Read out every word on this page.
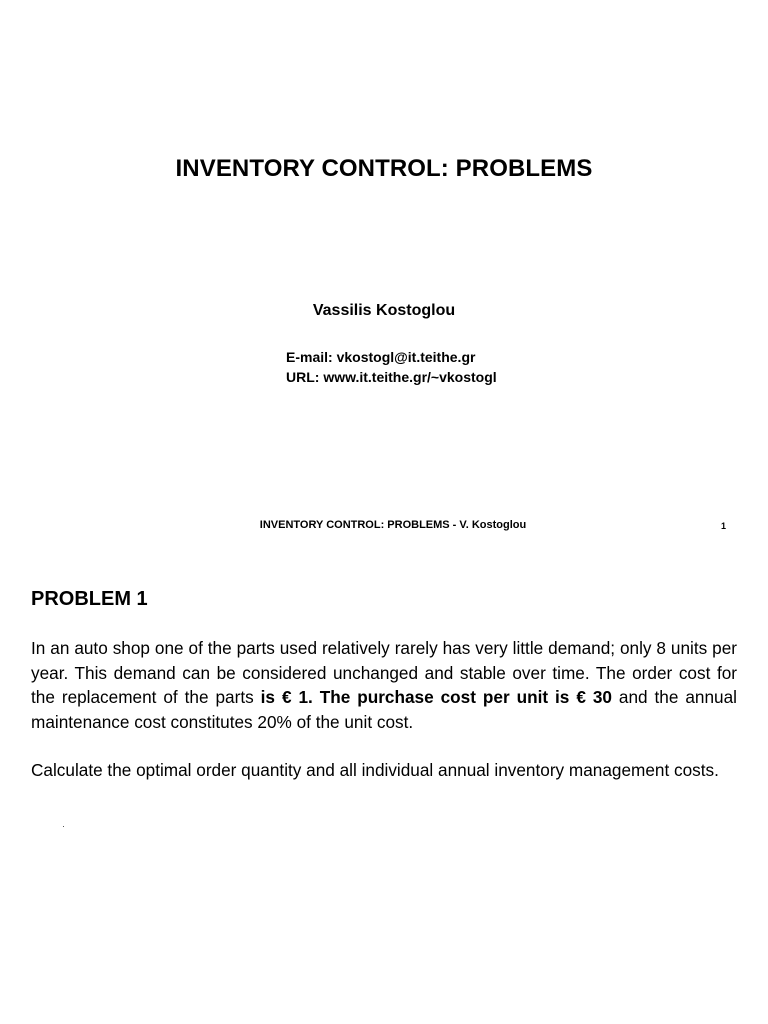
INVENTORY CONTROL: PROBLEMS
Vassilis Kostoglou
E-mail: vkostogl@it.teithe.gr
URL: www.it.teithe.gr/~vkostogl
INVENTORY CONTROL: PROBLEMS - V. Kostoglou	1
PROBLEM 1
In an auto shop one of the parts used relatively rarely has very little demand; only 8 units per year. This demand can be considered unchanged and stable over time. The order cost for the replacement of the parts is € 1. The purchase cost per unit is € 30 and the annual maintenance cost constitutes 20% of the unit cost.
Calculate the optimal order quantity and all individual annual inventory management costs.
